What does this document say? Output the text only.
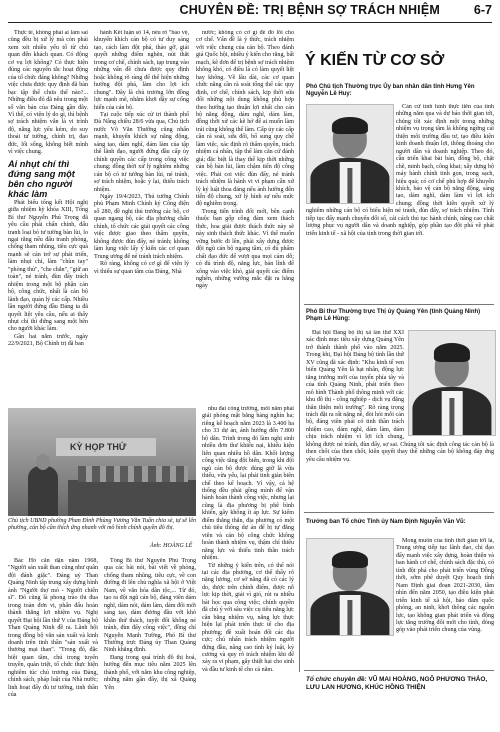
CHUYÊN ĐỀ: TRỊ BỆNH SỢ TRÁCH NHIỆM	6-7

Thực tế, không phải ai làm sai cũng đều bị xử lý mà còn phải xem xét nhiều yếu tố từ chủ quan đến khách quan. Có động cơ vụ lợi không? Có thực hiện đúng các nguyên tắc hoạt động của tổ chức đảng không? Những việc chưa được quy định đã bàn bạc tập thể chưa thế nào?... Những điều đó đã nêu trong một số văn bản của Đảng gần đây. Vì thế, có viện lý do gì, thì bệnh sợ trách nhiệm vẫn là vi trình độ, năng lực yếu kém, do suy thoái tư tưởng, chính trị, đạo đức, lối sống, không biết mình vì việc chung.

Ai nhụt chí thì đứng sang một bên cho người khác làm

Phát biểu tổng kết Hội nghị giữa nhiệm kỳ khóa XIII, Tổng Bí thư Nguyễn Phú Trọng đã yêu cầu phải chấn chỉnh, đấu tranh loại bỏ tư tưởng bàn lùi, lo ngại rằng nếu đấu tranh phòng, chống tham nhũng, tiêu cực quá mạnh sẽ cản trở sự phát triển, làm nhụt chí, làm "chùn tay" "phòng thủ", "che chắn", "giữ an toàn", né tránh, đùn đẩy trách nhiệm trong một bộ phận cán bộ, công chức, nhất là cán bộ lãnh đạo, quản lý các cấp. Nhiều lần người đứng đầu Đảng ta đã quyết liệt yêu cầu, nếu ai thấy nhụt chí thì đứng sang một bên cho người khác làm.

Gần hai năm trước, ngày 22/9/2021, Bộ Chính trị đã ban

hành Kết luận số 14, nêu rõ "bảo vệ, khuyến khích cán bộ có tư duy sáng tạo, cách làm đột phá, thảo gỡ, giải quyết những điểm nghẽn, nút thắt trong cơ chế, chính sách, tạp trung vào những vấn đề chưa được quy định hoặc không rõ ràng để thể hiện những hướng đột phá, làm cho lợi ích chung". Đây là chủ trương lớn đồng lực mạnh mẽ, nhằm khơi dậy sự cống hiến của cán bộ.

Tại cuộc tiếp xúc cử tri thành phố Đà Nẵng chiều 28/6 vừa qua, Chủ tịch nước Võ Văn Thưởng cũng nhấn mạnh, khuyến khích sự năng động, sáng tạo, dám nghĩ, dám làm của tập thể lãnh đạo, người đứng đầu cấp ủy chính quyền các cấp trong công việc chung; đồng thời xử lý nghiêm những cán bộ có tư tưởng bàn lùi, né tránh, sợ trách nhiệm, hoặc ỷ lại, thiếu trách nhiệm.

Ngày 19/4/2023, Thủ tướng Chính phủ Phạm Minh Chính ký Công điện số 280, đề nghị thủ trưởng các bộ, cơ quan ngang bộ, các địa phương chấn chỉnh, tổ chức các giải quyết các công việc được giao theo thẩm quyền, không được đùn đẩy, né tránh; không làm lụng việc lấy ý kiến các cơ quan Trung ương để né tránh trách nhiệm.

Rõ ràng, không có cơ gì để viện lý vì thiếu sự quan tâm của Đảng, Nhà

nước; không có cơ gì để đổ lỗi cho cơ chế. Vấn đề là ý thức, trách nhiệm với việc chung của cán bộ. Theo đánh giá Quốc hội, nhiều ý kiến cho rằng, bất mạch, kê đơn để trị bệnh sợ trách nhiệm không khó, có điều là có làm quyết liệt hay không. Về lâu dài, các cơ quan chức năng cần rà soát tổng thể các quy định, cơ chế, chính sách, kịp thời sửa đổi những nội dung không phù hợp theo hướng tạo thuận lợi nhất cho cán bộ năng động, dám nghĩ, dám làm, đồng thời xử các kẽ hở để ai muốn làm trái cũng không thể làm. Cấp ủy các cấp cần rà soát, sửa đổi, bổ sung quy chế làm việc, xác định rõ thẩm quyền, trách nhiệm cá nhân, tập thể làm căn cứ đánh giá; đặc biệt là thay thế kịp thời những cán bộ bàn lùi, làm chậm tiến độ công việc. Phải coi việc đùn đẩy, né tránh trách nhiệm là hành vi vi phạm cần xử lý kỷ luật thoa đáng nếu ảnh hưởng đến tiến độ chung, xử lý hình sự nếu mức độ nghiêm trọng.

Trong tiến trình đổi mới, bên cạnh thuộc bạn gốp công đảm xem thách thức, hoa giải được thách thức này sẽ này sinh thách thức khác. Vì thế muốn vững bước đi lên, phải xây dựng được đội ngũ cán bộ ngang tầm, có đủ phẩm chất đạo đức để vượt qua mọi cám dỗ; có đủ trình độ, năng lực, bản lĩnh để xông vào việc khó, giải quyết các điểm nghẽn, những vướng mắc đặt ra hằng ngày

Ý KIẾN TỪ CƠ SỞ
KỲ HỌP THỨ
Chủ tịch UBND phường Phan Đình Phùng Vương Văn Tuấn chia sẻ, tự sẽ lên phường, cán bộ cần thích ứng nhanh với mô hình chính quyền đô thị.
Ảnh: HOÀNG LÊ

Bác Hồ căn dặn năm 1968, "Người sản xuất than cũng như quân đội đánh giặc". Đảng uỷ Than Quảng Ninh tập trung xây dựng hình ảnh "Người thợ mỏ - Người chiến sĩ". Đó cũng là phong trào thi đua trong toàn đơn vị, phấn đấu hoàn thành thắng lợi nhiệm vụ. Nghị quyết Đại hội lần thứ V của Đảng bộ Than Quảng Ninh đề ra. Lãnh hội trong đồng bộ văn sản xuất và kinh doanh trên tinh thần "sản xuất và thương mại than". "Trong đó, đặc biệt quan tâm, chú trọng tuyển truyền, quán triệt, tổ chức thực hiện nghiêm túc chủ trương của Đảng, chính sách, pháp luật của Nhà nước; linh hoạt đấy đủ tư tưởng, tinh thần của

Tổng Bí thư Nguyễn Phú Trọng qua các bài nói, bài viết về phòng, chống tham nhũng, tiêu cực, về con đường đi lên chủ nghĩa xã hội ở Việt Nam, về văn hóa dân tộc,... Từ đó, tạo ra đội ngũ cán bộ, đảng viên dám nghĩ, dám nói, dám làm, dám đổi mới sáng tạo, dám đương đầu với khó khăn thử thách, tuyệt đối không né tránh, đùn đẩy công việc", đồng chí Nguyễn Mạnh Tường, Phó Bí thư Thường trực Đảng ủy Than Quảng Ninh khẳng định.

Đang trong quá trình đô thị hoá, hướng đến mục tiêu năm 2025 lên thành phố, với năm khu công nghiệp, những năm gần đây, thị xã Quảng Yên

nhu đai công trường, mỗi năm phải giải phóng mặt bằng hàng nghìn ha; riêng kế hoạch năm 2023 là 3.400 ha cho 33 dự án, ảnh hưởng đến 7.800 hộ dân. Trình trong đó làm nghị sinh nhiều đơn thư khiếu nại, khiếu kiện liên quan nhiều hồ dân. Khối lượng công việc tăng đột biến, trong khi đội ngũ cán bộ được đúng giữ là vừa thiếu, vừa yếu, lại phải tinh giản biên chế theo kế hoạch. Vì vậy, cả hệ thống đều phải gồng mình để vận hành hoàn thành công việc, nhưng lại cũng là địa phương bị phê bình khiển, gây không ít áp lực. Sự kiểm điểm thẳng thắn, địa phương có một chủ tiêu thông dự án để bị tự đằng viên và cán bộ công chức không hoàn thành nhiệm vụ, thậm chí thiếu năng lực và thiếu tinh thần trách nhiệm.

Từ những ý kiến trên, có thể nói tại các địa phương, cơ thể thấy rõ nặng lương, cơ sở năng đã có các lý do, được trên chính điểm, được nỗ lực kịp thời, giải vì gió, rút ra nhiều bài học qua công việc; chính quyền đã chú ý với sâu việc cụ tiêu năng lực cân bằng nhiệm vụ, năng lực thực hiện lại phát triển thực tế cho địa phương; đề xuất hoán đổi các địa cực; chú nhấn trách nhiệm người đứng đầu, nâng cao tính kỷ luật, kỷ cương và quy rõ trách nhiệm khi để xảy ra vi phạm, gây thiệt hại cho sinh và đầu tư kinh tế cho cả năm.

Phó Chủ tịch Thường trực Ủy ban nhân dân tỉnh Hưng Yên Nguyễn Lê Huy:

Cán cứ tình hình thực tiễn của tỉnh những năm qua và dự báo thời gian tới, chúng tôi xác định một trong những nhiệm vụ trọng tâm là không ngừng cải thiện môi trường đầu tư, tạo điều kiện kinh doanh thuận lợi, thông thoáng cho người dân và doanh nghiệp. Theo đó, cần triển khai bài bản, đồng bộ, chặt chẽ, minh bạch, công khai; xây dựng bộ máy hành chính tinh gọn, trong sạch, hiệu quả; có cơ chế phù hợp để khuyến khích, bảo vệ cán bộ năng động, sáng tạo, dám nghĩ, dám làm vì lợi ích chung; đồng thời kiên quyết xử lý nghiêm những cán bộ có biểu hiện né tránh, đùn đẩy, sợ trách nhiệm. Tỉnh tiếp tục đẩy mạnh chuyển đổi số, cải cách thủ tục hành chính, nâng cao chất lượng phục vụ người dân và doanh nghiệp, góp phần tạo đột phá về phát triển kinh tế - xã hội của tỉnh trong thời gian tới.

Phó Bí thư Thường trực Thị ủy Quảng Yên (tỉnh Quảng Ninh) Phạm Lê Hùng:

Đại hội Đảng bộ thị xã lần thứ XXI xác định mục tiêu xây dựng Quảng Yên trở thành thành phố vào năm 2025. Trong khi, Đại hội Đảng bộ tỉnh lần thứ XV cũng đã xác định: "Khu kinh tế ven biển Quảng Yên là hạt nhân, động lực tăng trưởng mới của tuyến phía tây và của tỉnh Quảng Ninh, phát triển theo mô hình Thành phố thông minh với các khu đô thị - công nghiệp - dịch vụ đặng thân thiện môi trường". Rõ ràng trọng trách đặt ra rất nặng nề, đòi hỏi mỗi cán bộ, đảng viên phải có tinh thần trách nhiệm cao, dám nghĩ, dám làm, dám chịu trách nhiệm vì lợi ích chung, không được né tránh, đùn đẩy, sợ sai. Chúng tôi xác định công tác cán bộ là then chốt của then chốt, kiên quyết thay thế những cán bộ không đáp ứng yêu cầu nhiệm vụ.

Trưởng ban Tổ chức Tỉnh ủy Nam Định Nguyễn Văn Vũ:

Mong muốn của tỉnh thời gian tới là, Trung ương tiếp tục lãnh đạo, chỉ đạo đẩy mạnh việc xây dựng, hoàn thiện và ban hành cơ chế, chính sách đặc thù, có tính đột phá cho phát triển vùng Đồng thời, sớm phê duyệt Quy hoạch tỉnh Nam Định giai đoạn 2021-2030, tầm nhìn đến năm 2050, tạo điều kiện phát triển kinh tế xã hội, bảo đảm quốc phòng, an ninh, khơi thông các nguồn lực, tạo không gian phát triển và động lực tăng trưởng đối mới cho tỉnh, đóng góp vào phát triển chung của vùng.

Tổ chức chuyên đề: VŨ MAI HOÀNG, NGÔ PHƯƠNG THẢO, LƯU LAN HƯƠNG, KHÚC HỒNG THIỆN
